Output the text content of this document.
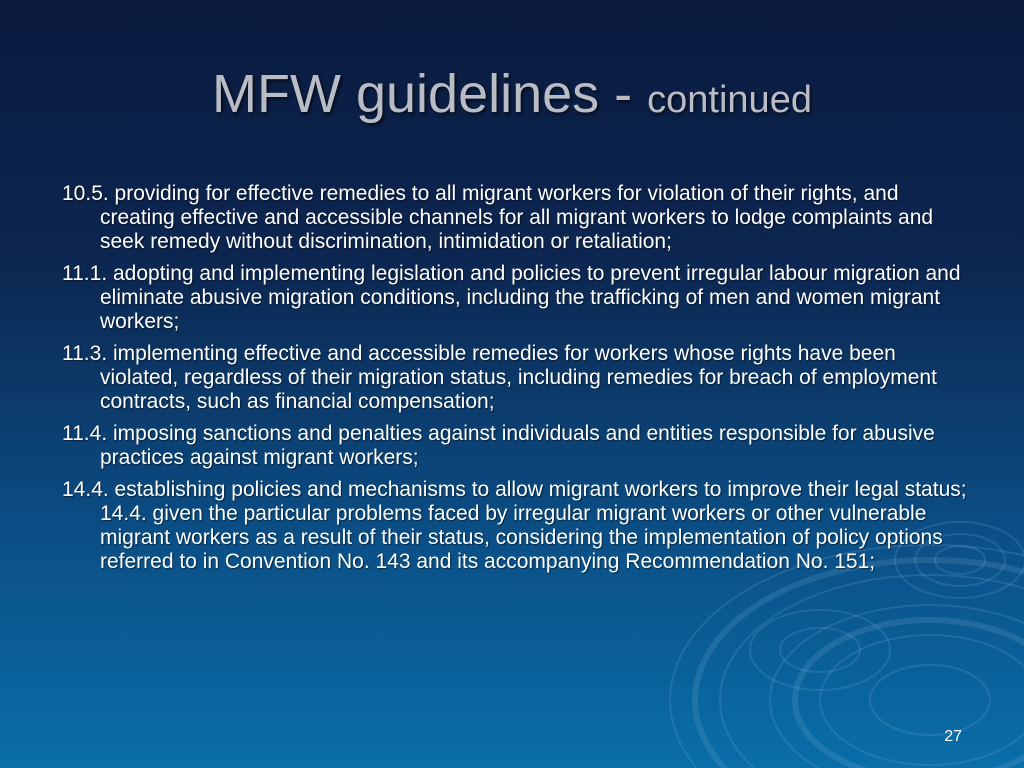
MFW guidelines - continued
10.5. providing for effective remedies to all migrant workers for violation of their rights, and creating effective and accessible channels for all migrant workers to lodge complaints and seek remedy without discrimination, intimidation or retaliation;
11.1. adopting and implementing legislation and policies to prevent irregular labour migration and eliminate abusive migration conditions, including the trafficking of men and women migrant workers;
11.3. implementing effective and accessible remedies for workers whose rights have been violated, regardless of their migration status, including remedies for breach of employment contracts, such as financial compensation;
11.4. imposing sanctions and penalties against individuals and entities responsible for abusive practices against migrant workers;
14.4. establishing policies and mechanisms to allow migrant workers to improve their legal status; 14.4. given the particular problems faced by irregular migrant workers or other vulnerable migrant workers as a result of their status, considering the implementation of policy options referred to in Convention No. 143 and its accompanying Recommendation No. 151;
27
